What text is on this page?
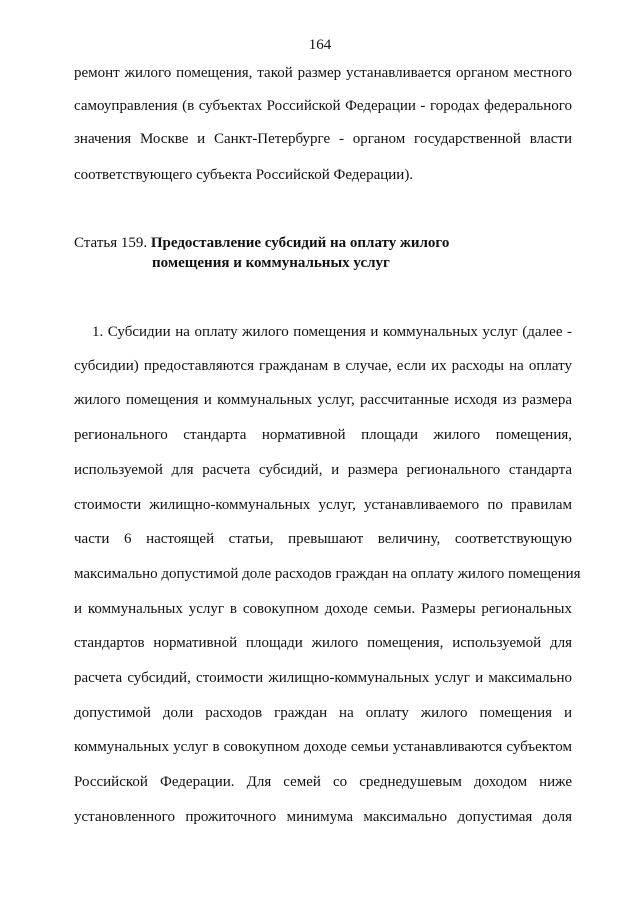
164
ремонт жилого помещения, такой размер устанавливается органом местного
самоуправления (в субъектах Российской Федерации - городах федерального
значения Москве и Санкт-Петербурге - органом государственной власти
соответствующего субъекта Российской Федерации).
Статья 159. Предоставление субсидий на оплату жилого
помещения и коммунальных услуг
1. Субсидии на оплату жилого помещения и коммунальных услуг (далее -
субсидии) предоставляются гражданам в случае, если их расходы на оплату
жилого помещения и коммунальных услуг, рассчитанные исходя из размера
регионального стандарта нормативной площади жилого помещения,
используемой для расчета субсидий, и размера регионального стандарта
стоимости жилищно-коммунальных услуг, устанавливаемого по правилам
части 6 настоящей статьи, превышают величину, соответствующую
максимально допустимой доле расходов граждан на оплату жилого помещения
и коммунальных услуг в совокупном доходе семьи. Размеры региональных
стандартов нормативной площади жилого помещения, используемой для
расчета субсидий, стоимости жилищно-коммунальных услуг и максимально
допустимой доли расходов граждан на оплату жилого помещения и
коммунальных услуг в совокупном доходе семьи устанавливаются субъектом
Российской Федерации. Для семей со среднедушевым доходом ниже
установленного прожиточного минимума максимально допустимая доля
